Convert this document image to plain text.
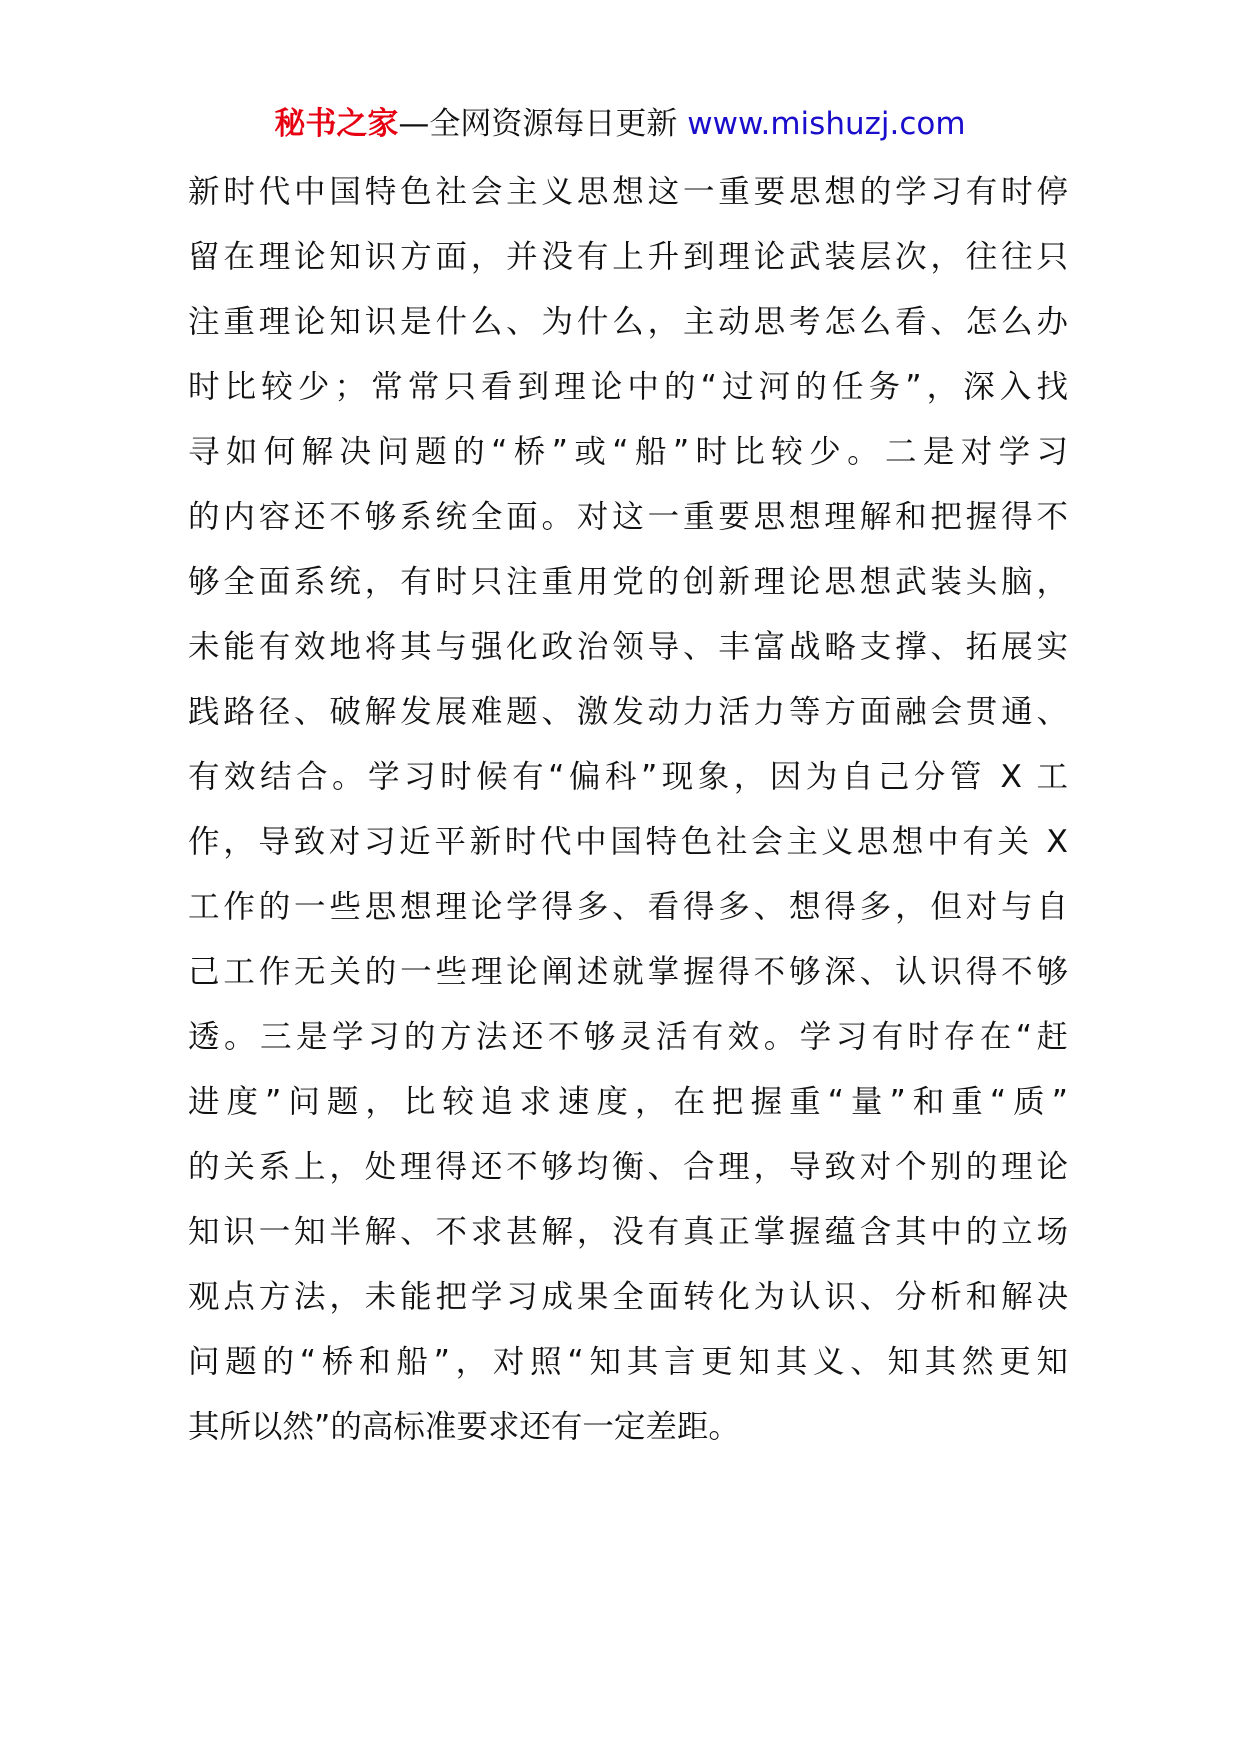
秘书之家—全网资源每日更新 www.mishuzj.com
新时代中国特色社会主义思想这一重要思想的学习有时停
留在理论知识方面，并没有上升到理论武装层次，往往只
注重理论知识是什么、为什么，主动思考怎么看、怎么办
时比较少；常常只看到理论中的“过河的任务”，深入找
寻如何解决问题的“桥”或“船”时比较少。二是对学习
的内容还不够系统全面。对这一重要思想理解和把握得不
够全面系统，有时只注重用党的创新理论思想武装头脑，
未能有效地将其与强化政治领导、丰富战略支撑、拓展实
践路径、破解发展难题、激发动力活力等方面融会贯通、
有效结合。学习时候有“偏科”现象，因为自己分管 X 工
作，导致对习近平新时代中国特色社会主义思想中有关 X
工作的一些思想理论学得多、看得多、想得多，但对与自
己工作无关的一些理论阐述就掌握得不够深、认识得不够
透。三是学习的方法还不够灵活有效。学习有时存在“赶
进度”问题，比较追求速度，在把握重“量”和重“质”
的关系上，处理得还不够均衡、合理，导致对个别的理论
知识一知半解、不求甚解，没有真正掌握蕴含其中的立场
观点方法，未能把学习成果全面转化为认识、分析和解决
问题的“桥和船”，对照“知其言更知其义、知其然更知
其所以然”的高标准要求还有一定差距。
